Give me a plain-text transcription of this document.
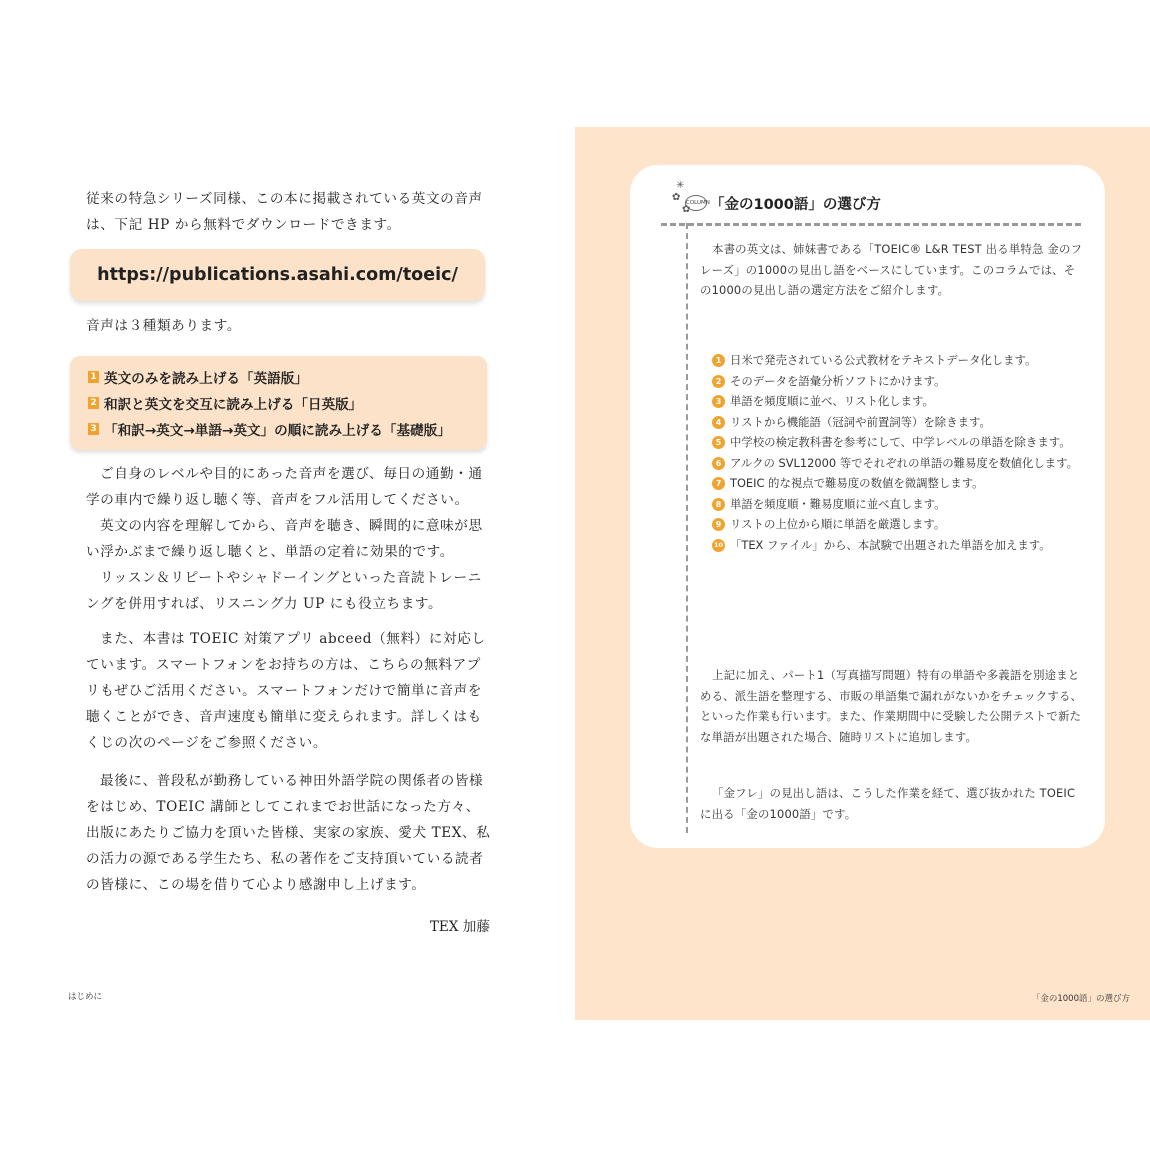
従来の特急シリーズ同様、この本に掲載されている英文の音声は、下記 HP から無料でダウンロードできます。

https://publications.asahi.com/toeic/

音声は３種類あります。

1 英文のみを読み上げる「英語版」
2 和訳と英文を交互に読み上げる「日英版」
3 「和訳→英文→単語→英文」の順に読み上げる「基礎版」

ご自身のレベルや目的にあった音声を選び、毎日の通勤・通学の車内で繰り返し聴く等、音声をフル活用してください。

英文の内容を理解してから、音声を聴き、瞬間的に意味が思い浮かぶまで繰り返し聴くと、単語の定着に効果的です。

リッスン＆リピートやシャドーイングといった音読トレーニングを併用すれば、リスニング力 UP にも役立ちます。

また、本書は TOEIC 対策アプリ abceed（無料）に対応しています。スマートフォンをお持ちの方は、こちらの無料アプリもぜひご活用ください。スマートフォンだけで簡単に音声を聴くことができ、音声速度も簡単に変えられます。詳しくはもくじの次のページをご参照ください。

最後に、普段私が勤務している神田外語学院の関係者の皆様をはじめ、TOEIC 講師としてこれまでお世話になった方々、出版にあたりご協力を頂いた皆様、実家の家族、愛犬 TEX、私の活力の源である学生たち、私の著作をご支持頂いている読者の皆様に、この場を借りて心より感謝申し上げます。

TEX 加藤
はじめに
✳
✿
✿
COLUMN 「金の1000語」の選び方

本書の英文は、姉妹書である「TOEIC® L&R TEST 出る単特急 金のフレーズ」の1000の見出し語をベースにしています。このコラムでは、その1000の見出し語の選定方法をご紹介します。

1 日米で発売されている公式教材をテキストデータ化します。
2 そのデータを語彙分析ソフトにかけます。
3 単語を頻度順に並べ、リスト化します。
4 リストから機能語（冠詞や前置詞等）を除きます。
5 中学校の検定教科書を参考にして、中学レベルの単語を除きます。
6 アルクの SVL12000 等でそれぞれの単語の難易度を数値化します。
7 TOEIC 的な視点で難易度の数値を微調整します。
8 単語を頻度順・難易度順に並べ直します。
9 リストの上位から順に単語を厳選します。
10 「TEX ファイル」から、本試験で出題された単語を加えます。

上記に加え、パート1（写真描写問題）特有の単語や多義語を別途まとめる、派生語を整理する、市販の単語集で漏れがないかをチェックする、といった作業も行います。また、作業期間中に受験した公開テストで新たな単語が出題された場合、随時リストに追加します。

「金フレ」の見出し語は、こうした作業を経て、選び抜かれた TOEIC に出る「金の1000語」です。

「金の1000語」の選び方
